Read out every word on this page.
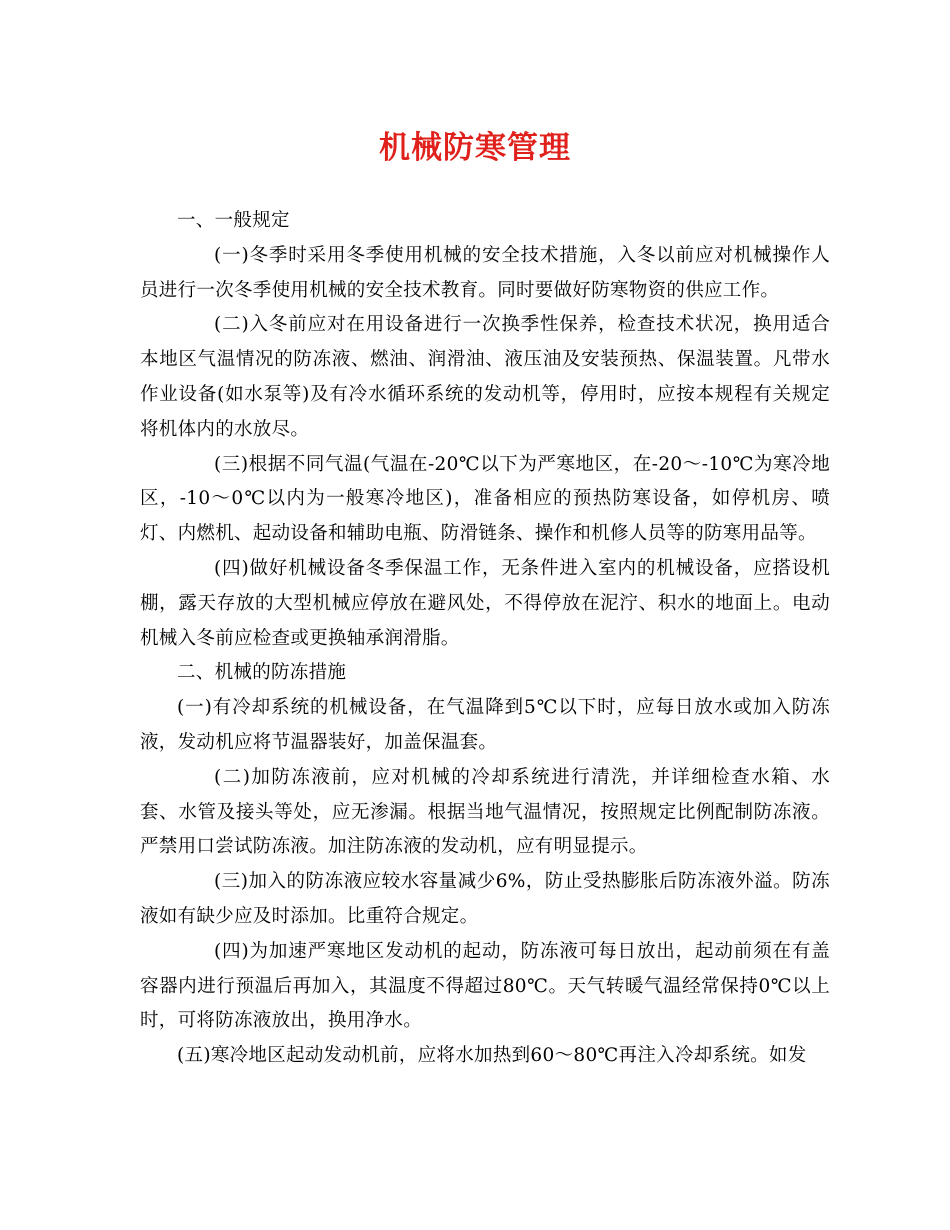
机械防寒管理

一、一般规定

(一)冬季时采用冬季使用机械的安全技术措施，入冬以前应对机械操作人员进行一次冬季使用机械的安全技术教育。同时要做好防寒物资的供应工作。

(二)入冬前应对在用设备进行一次换季性保养，检查技术状况，换用适合本地区气温情况的防冻液、燃油、润滑油、液压油及安装预热、保温装置。凡带水作业设备(如水泵等)及有冷水循环系统的发动机等，停用时，应按本规程有关规定将机体内的水放尽。

(三)根据不同气温(气温在-20℃以下为严寒地区，在-20～-10℃为寒冷地区，-10～0℃以内为一般寒冷地区)，准备相应的预热防寒设备，如停机房、喷灯、内燃机、起动设备和辅助电瓶、防滑链条、操作和机修人员等的防寒用品等。

(四)做好机械设备冬季保温工作，无条件进入室内的机械设备，应搭设机棚，露天存放的大型机械应停放在避风处，不得停放在泥泞、积水的地面上。电动机械入冬前应检查或更换轴承润滑脂。

二、机械的防冻措施

(一)有冷却系统的机械设备，在气温降到5℃以下时，应每日放水或加入防冻液，发动机应将节温器装好，加盖保温套。

(二)加防冻液前，应对机械的冷却系统进行清洗，并详细检查水箱、水套、水管及接头等处，应无渗漏。根据当地气温情况，按照规定比例配制防冻液。严禁用口尝试防冻液。加注防冻液的发动机，应有明显提示。

(三)加入的防冻液应较水容量减少6%，防止受热膨胀后防冻液外溢。防冻液如有缺少应及时添加。比重符合规定。

(四)为加速严寒地区发动机的起动，防冻液可每日放出，起动前须在有盖容器内进行预温后再加入，其温度不得超过80℃。天气转暖气温经常保持0℃以上时，可将防冻液放出，换用净水。

(五)寒冷地区起动发动机前，应将水加热到60～80℃再注入冷却系统。如发
